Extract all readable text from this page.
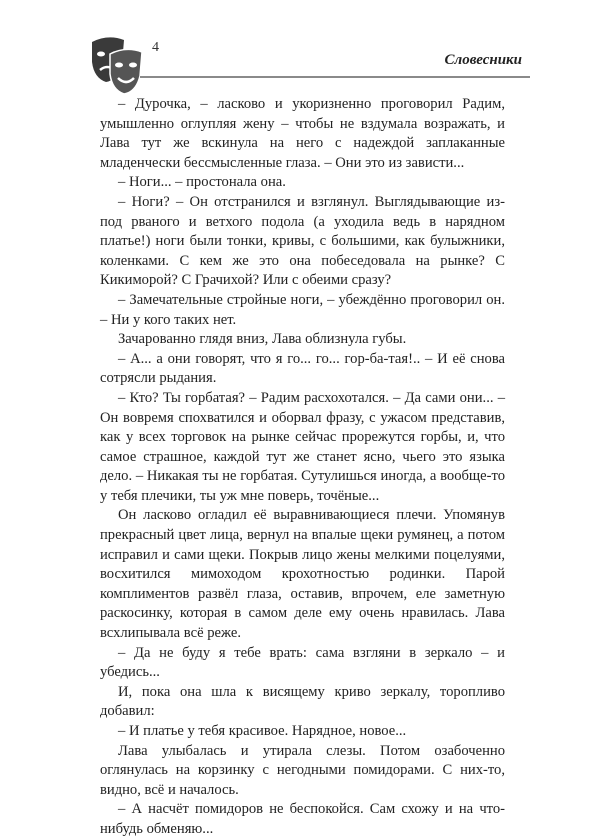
4
Словесники

– Дурочка, – ласково и укоризненно проговорил Радим, умышленно оглупляя жену – чтобы не вздумала возражать, и Лава тут же вскинула на него с надеждой заплаканные младенчески бессмысленные глаза. – Они это из зависти...

– Ноги... – простонала она.

– Ноги? – Он отстранился и взглянул. Выглядывающие из-под рваного и ветхого подола (а уходила ведь в нарядном платье!) ноги были тонки, кривы, с большими, как булыжники, коленками. С кем же это она побеседовала на рынке? С Кикиморой? С Грачихой? Или с обеими сразу?

– Замечательные стройные ноги, – убеждённо проговорил он. – Ни у кого таких нет.

Зачарованно глядя вниз, Лава облизнула губы.

– А... а они говорят, что я го... го... гор-ба-тая!.. – И её снова сотрясли рыдания.

– Кто? Ты горбатая? – Радим расхохотался. – Да сами они... – Он вовремя спохватился и оборвал фразу, с ужасом представив, как у всех торговок на рынке сейчас прорежутся горбы, и, что самое страшное, каждой тут же станет ясно, чьего это языка дело. – Никакая ты не горбатая. Сутулишься иногда, а вообще-то у тебя плечики, ты уж мне поверь, точёные...

Он ласково огладил её выравнивающиеся плечи. Упомянув прекрасный цвет лица, вернул на впалые щеки румянец, а потом исправил и сами щеки. Покрыв лицо жены мелкими поцелуями, восхитился мимоходом крохотностью родинки. Парой комплиментов развёл глаза, оставив, впрочем, еле заметную раскосинку, которая в самом деле ему очень нравилась. Лава всхлипывала всё реже.

– Да не буду я тебе врать: сама взгляни в зеркало – и убедись...

И, пока она шла к висящему криво зеркалу, торопливо добавил:

– И платье у тебя красивое. Нарядное, новое...

Лава улыбалась и утирала слезы. Потом озабоченно оглянулась на корзинку с негодными помидорами. С них-то, видно, всё и началось.

– А насчёт помидоров не беспокойся. Сам схожу и на что-нибудь обменяю...
